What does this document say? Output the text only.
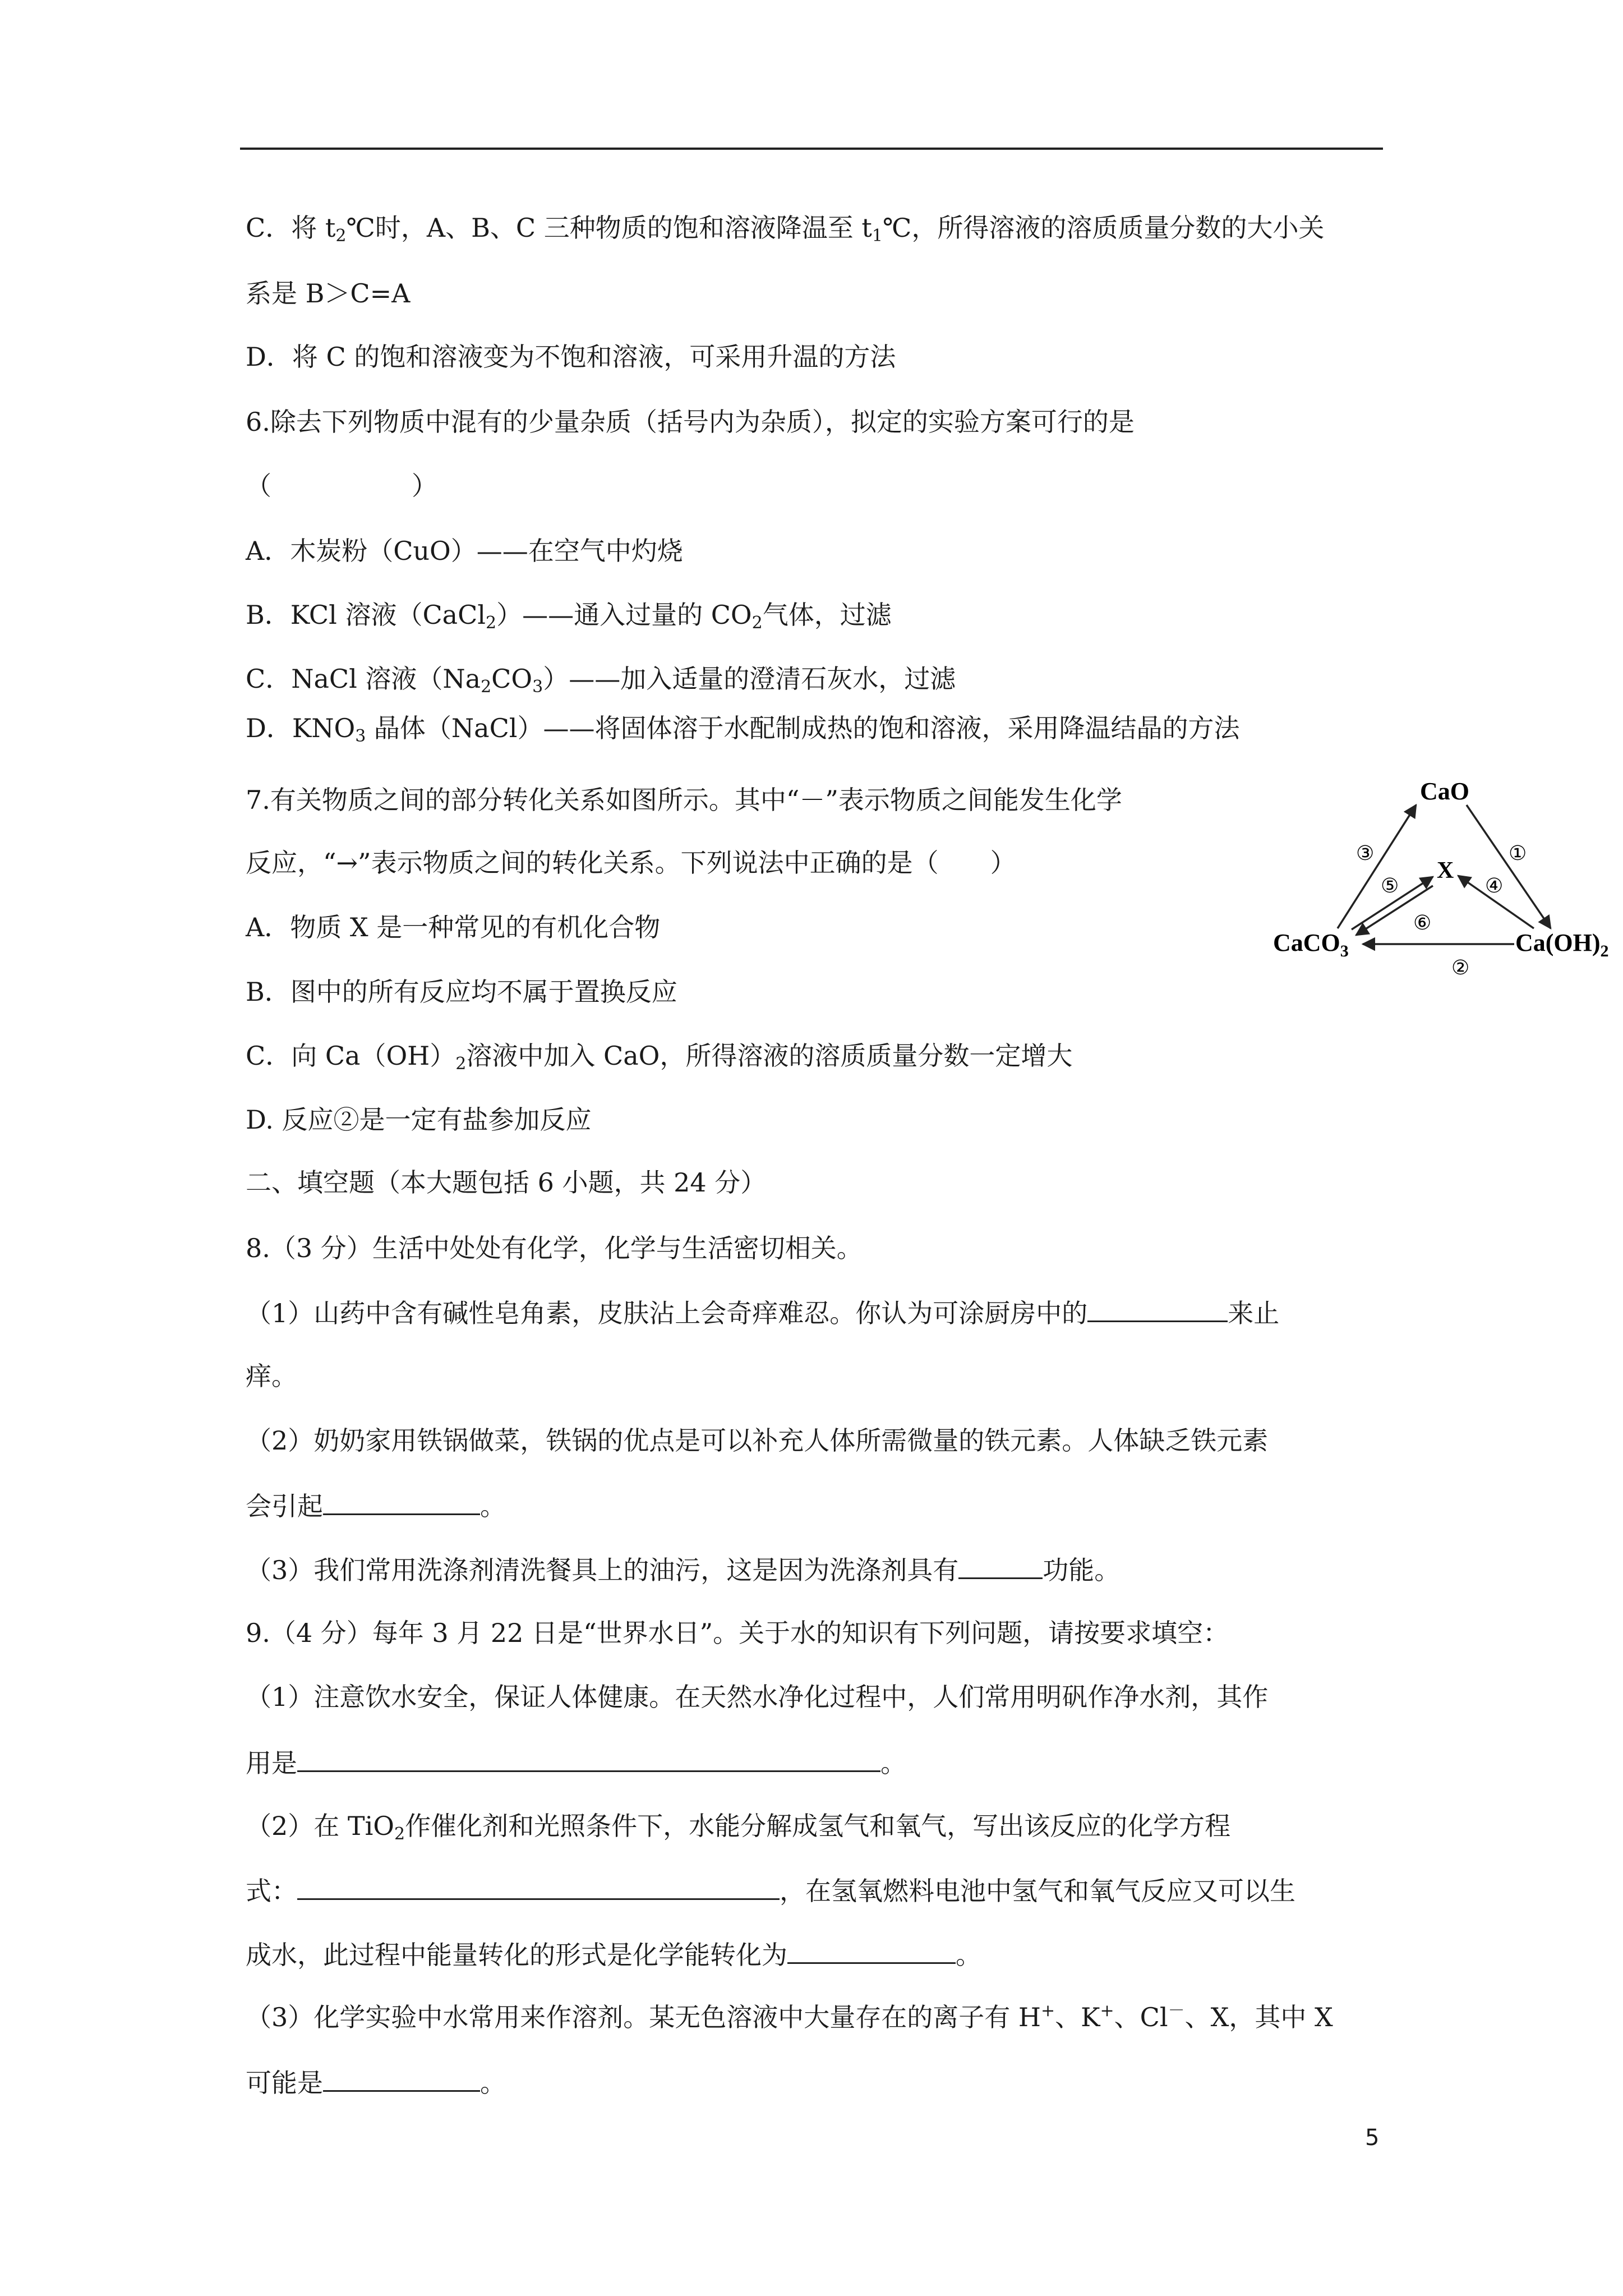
C．将 $t_2℃$时，A、B、C 三种物质的饱和溶液降温至 $t_1℃$，所得溶液的溶质质量分数的大小关
系是 B＞C=A
D．将 C 的饱和溶液变为不饱和溶液，可采用升温的方法
6.除去下列物质中混有的少量杂质（括号内为杂质），拟定的实验方案可行的是
（	）
A．木炭粉（CuO）——在空气中灼烧
B．KCl 溶液（CaCl$_2$）——通入过量的 $CO_2$气体，过滤
C．NaCl 溶液$(Na_2CO_3)——$加入适量的澄清石灰水，过滤
D．$KNO_3$ 晶体（NaCl）——将固体溶于水配制成热的饱和溶液，采用降温结晶的方法
7.有关物质之间的部分转化关系如图所示。其中“－”表示物质之间能发生化学
反应，“→”表示物质之间的转化关系。下列说法中正确的是（　　）
A．物质 X 是一种常见的有机化合物
B．图中的所有反应均不属于置换反应
C．向 $Ca(OH)_2$溶液中加入 CaO，所得溶液的溶质质量分数一定增大
D. 反应②是一定有盐参加反应
CaO
X
CaCO$_3$	$Ca(OH)_2$
③	①
⑤	④
⑥
②
二、填空题（本大题包括 6 小题，共 24 分）
8.（3 分）生活中处处有化学，化学与生活密切相关。
（1）山药中含有碱性皂角素，皮肤沾上会奇痒难忍。你认为可涂厨房中的	来止
痒。
（2）奶奶家用铁锅做菜，铁锅的优点是可以补充人体所需微量的铁元素。人体缺乏铁元素
会引起	。
（3）我们常用洗涤剂清洗餐具上的油污，这是因为洗涤剂具有	功能。
9.（4 分）每年 3 月 22 日是“世界水日”。关于水的知识有下列问题，请按要求填空：
（1）注意饮水安全，保证人体健康。在天然水净化过程中，人们常用明矾作净水剂，其作
用是	。
（2）在 TiO$_2$作催化剂和光照条件下，水能分解成氢气和氧气，写出该反应的化学方程
式：	，在氢氧燃料电池中氢气和氧气反应又可以生
成水，此过程中能量转化的形式是化学能转化为	。
（3）化学实验中水常用来作溶剂。某无色溶液中大量存在的离子有 H+、K+、Cl－、X，其中 X
可能是	。
5
